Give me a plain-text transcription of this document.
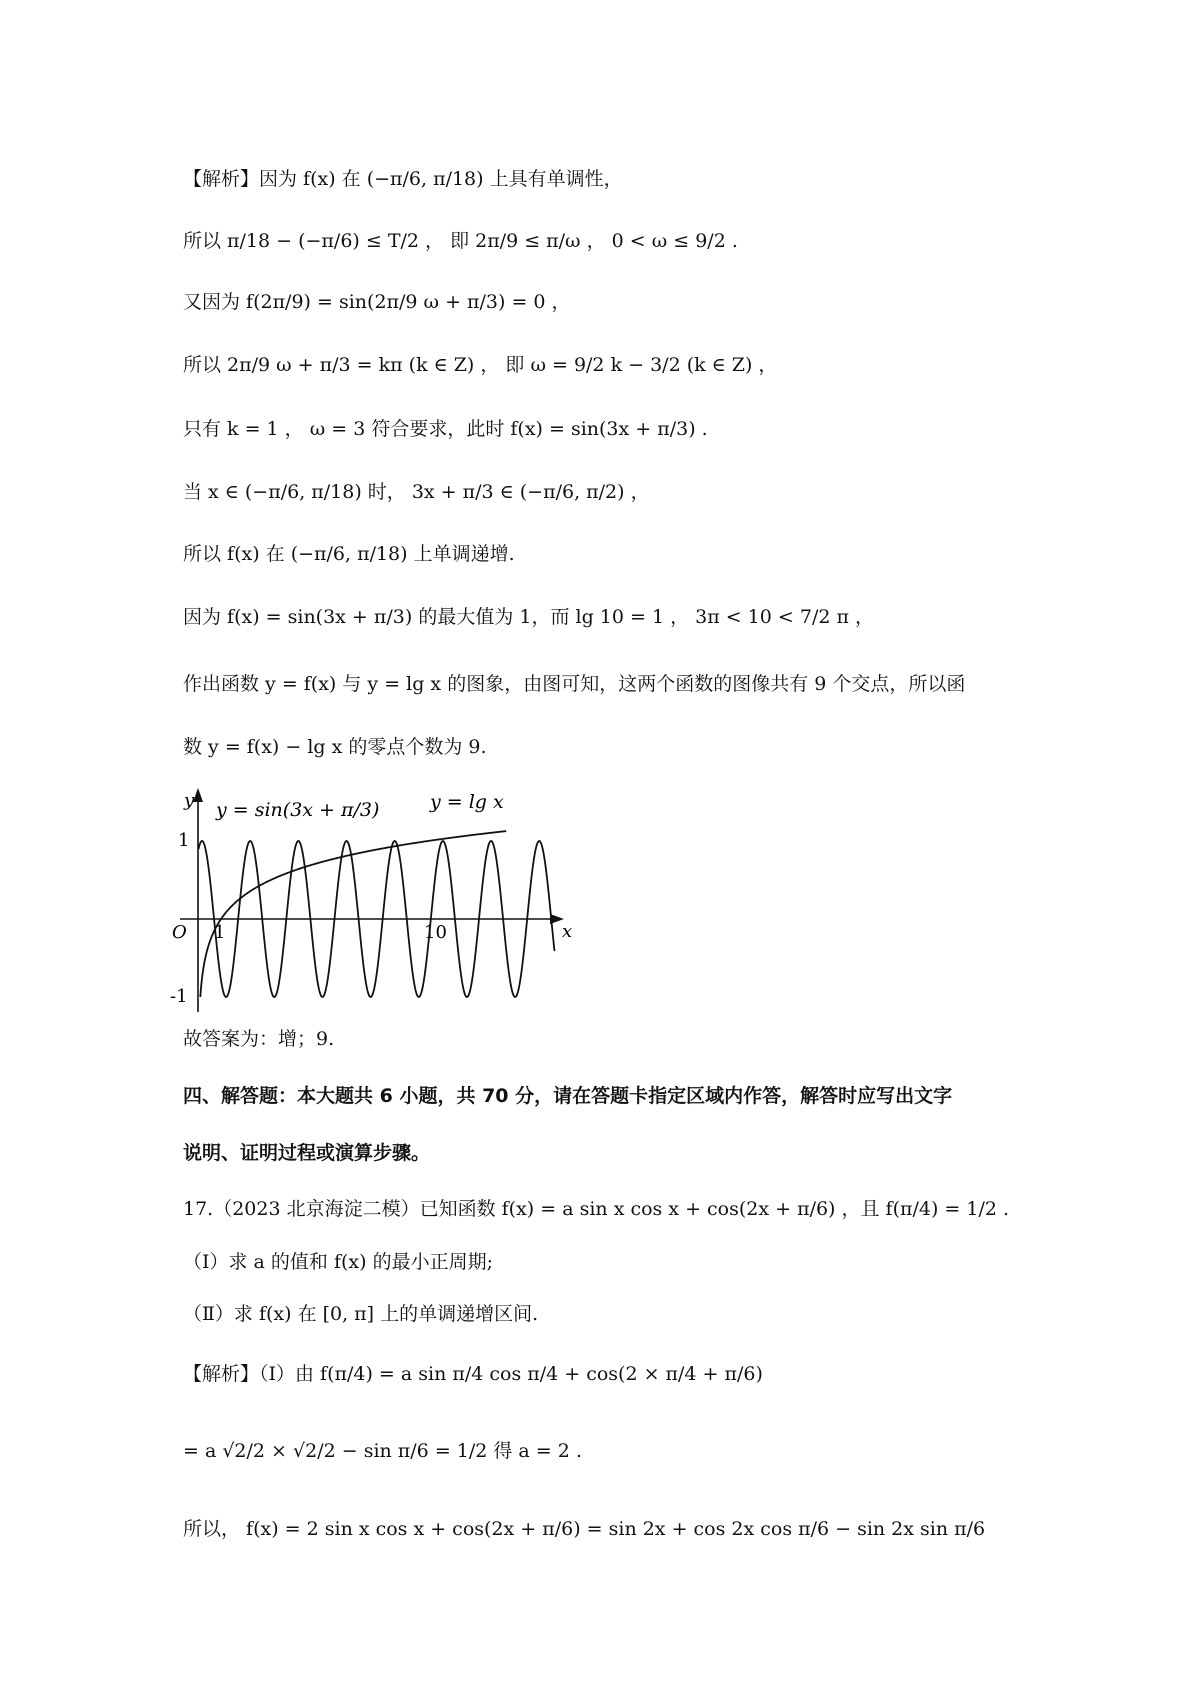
【解析】因为 f(x) 在 (−π/6, π/18) 上具有单调性，
所以 π/18 − (−π/6) ≤ T/2 ， 即 2π/9 ≤ π/ω ， 0 < ω ≤ 9/2 .
又因为 f(2π/9) = sin(2π/9 ω + π/3) = 0 ，
所以 2π/9 ω + π/3 = kπ (k ∈ Z) ， 即 ω = 9/2 k − 3/2 (k ∈ Z) ，
只有 k = 1 ， ω = 3 符合要求，此时 f(x) = sin(3x + π/3) .
当 x ∈ (−π/6, π/18) 时， 3x + π/3 ∈ (−π/6, π/2) ，
所以 f(x) 在 (−π/6, π/18) 上单调递增.
因为 f(x) = sin(3x + π/3) 的最大值为 1，而 lg 10 = 1 ， 3π < 10 < 7/2 π ，
作出函数 y = f(x) 与 y = lg x 的图象，由图可知，这两个函数的图像共有 9 个交点，所以函
数 y = f(x) − lg x 的零点个数为 9.
y
x
O
1
-1
1	10
y = sin(3x + π/3)	y = lg x
故答案为：增；9.
四、解答题：本大题共 6 小题，共 70 分，请在答题卡指定区域内作答，解答时应写出文字
说明、证明过程或演算步骤。
17.（2023 北京海淀二模）已知函数 f(x) = a sin x cos x + cos(2x + π/6) ，且 f(π/4) = 1/2 .
（Ⅰ）求 a 的值和 f(x) 的最小正周期;
（Ⅱ）求 f(x) 在 [0, π] 上的单调递增区间.
【解析】（Ⅰ）由 f(π/4) = a sin π/4 cos π/4 + cos(2 × π/4 + π/6)
= a √2/2 × √2/2 − sin π/6 = 1/2 得 a = 2 .
所以， f(x) = 2 sin x cos x + cos(2x + π/6) = sin 2x + cos 2x cos π/6 − sin 2x sin π/6
